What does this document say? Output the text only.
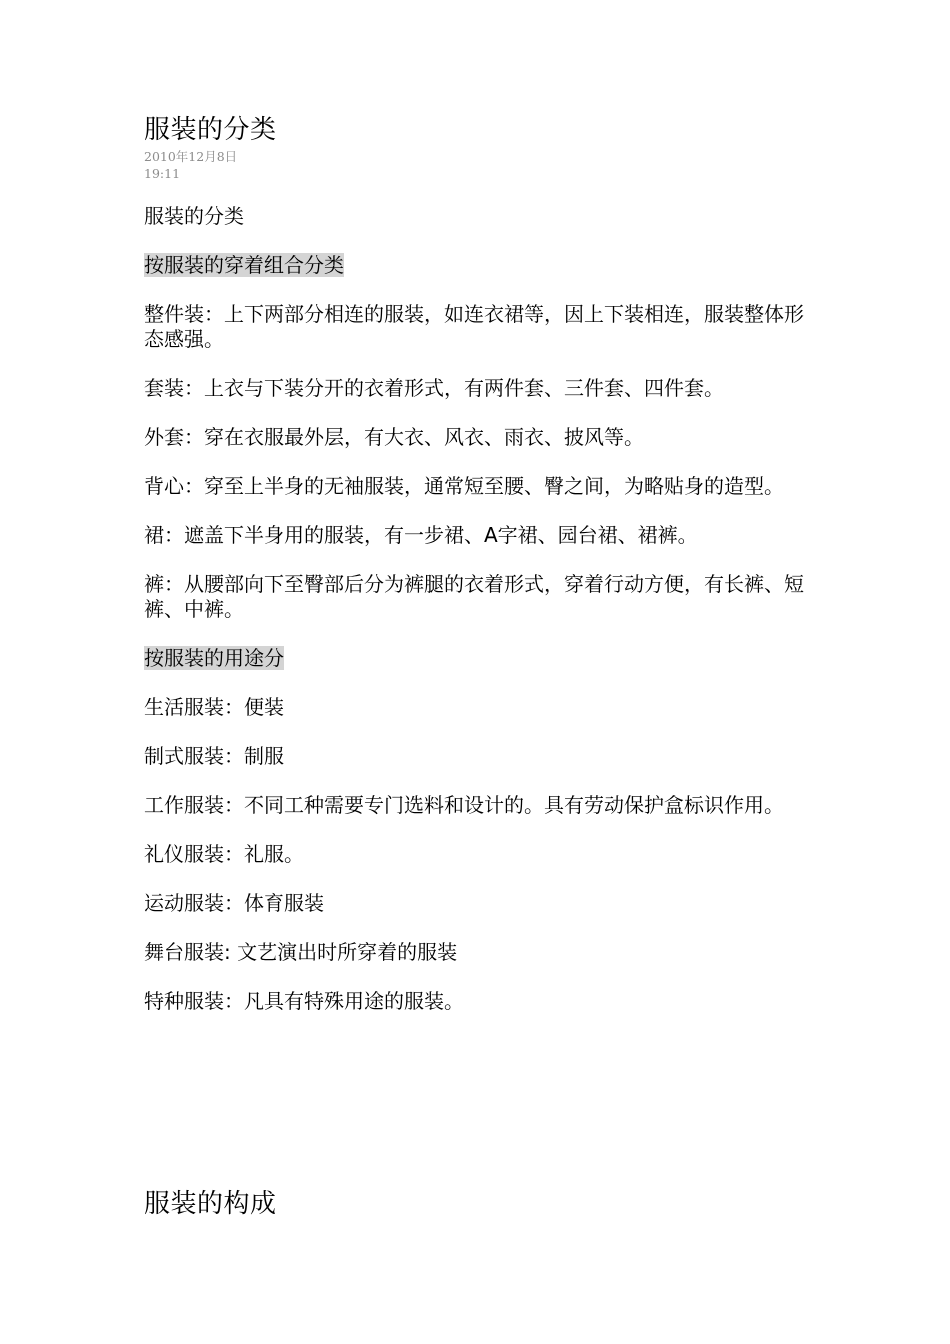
服装的分类
2010年12月8日
19:11

服装的分类

按服装的穿着组合分类

整件装：上下两部分相连的服装，如连衣裙等，因上下装相连，服装整体形态感强。

套装：上衣与下装分开的衣着形式，有两件套、三件套、四件套。

外套：穿在衣服最外层，有大衣、风衣、雨衣、披风等。

背心：穿至上半身的无袖服装，通常短至腰、臀之间，为略贴身的造型。

裙：遮盖下半身用的服装，有一步裙、A字裙、园台裙、裙裤。

裤：从腰部向下至臀部后分为裤腿的衣着形式，穿着行动方便，有长裤、短裤、中裤。

按服装的用途分

生活服装：便装

制式服装：制服

工作服装：不同工种需要专门选料和设计的。具有劳动保护盒标识作用。

礼仪服装：礼服。

运动服装：体育服装

舞台服装: 文艺演出时所穿着的服装

特种服装：凡具有特殊用途的服装。

服装的构成
